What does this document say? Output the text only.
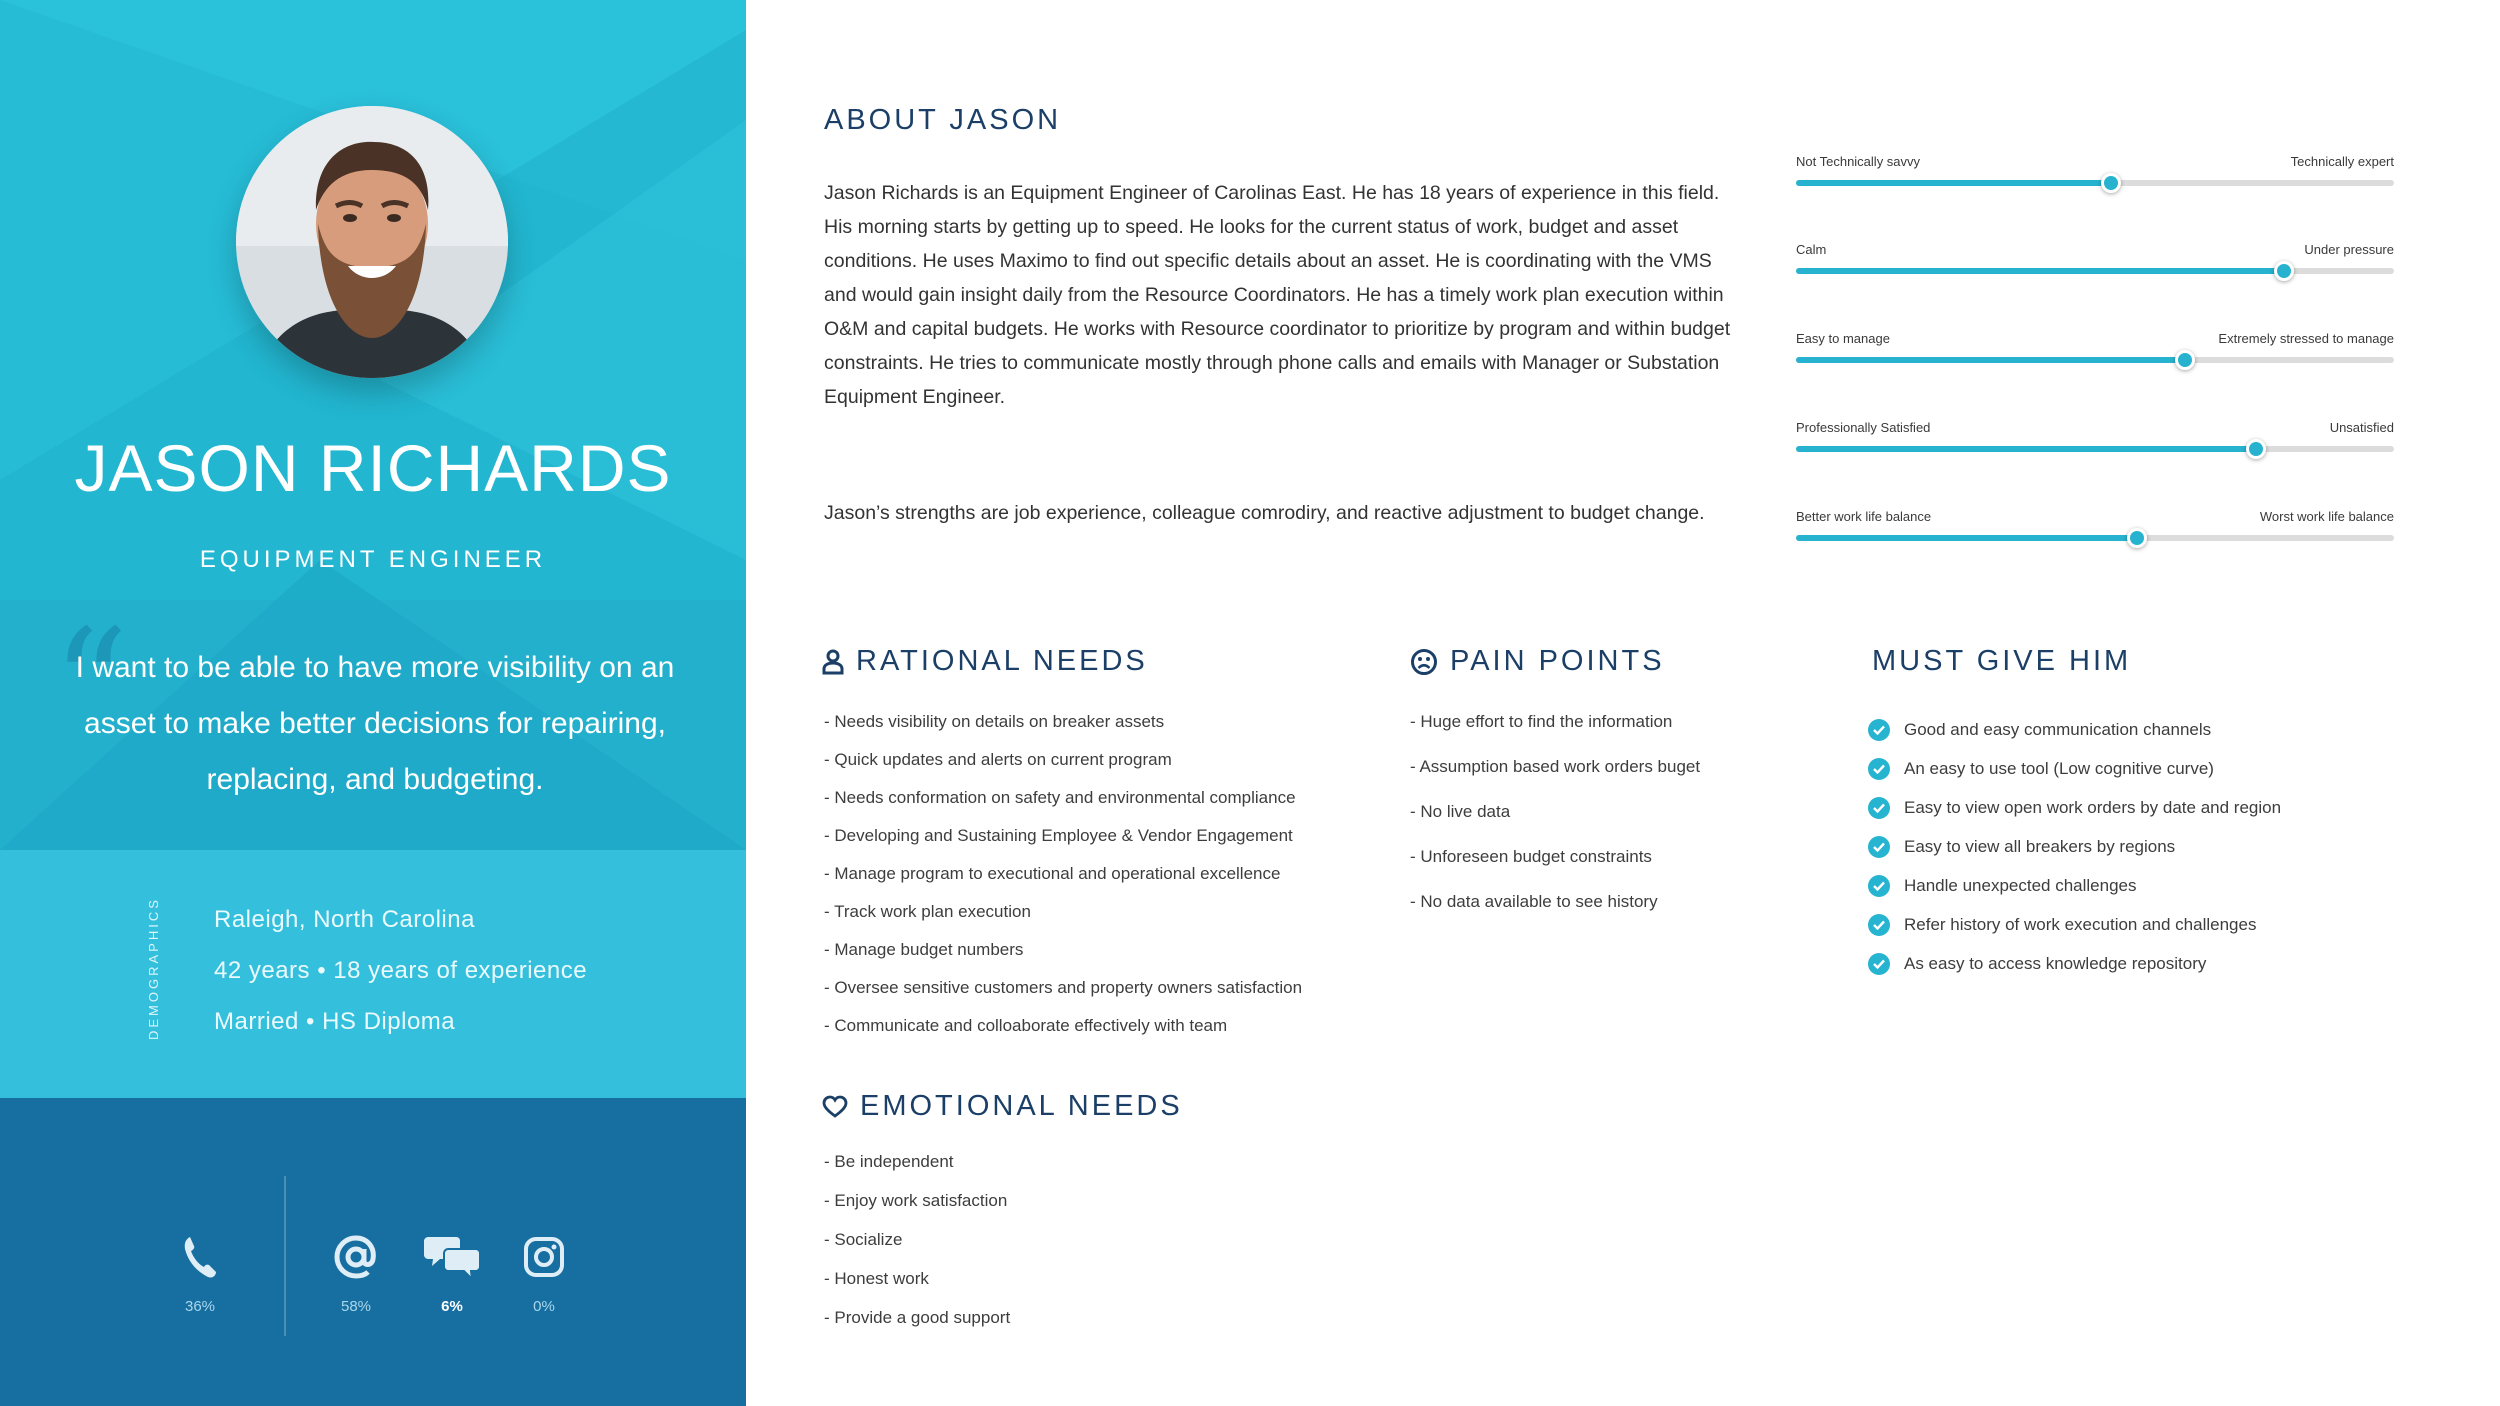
JASON RICHARDS
EQUIPMENT ENGINEER
“
I want to be able to have more visibility on an asset to make better decisions for repairing, replacing, and budgeting.
DEMOGRAPHICS Raleigh, North Carolina
42 years • 18 years of experience
Married • HS Diploma
36%	58%	6%	0%
ABOUT JASON
Jason Richards is an Equipment Engineer of Carolinas East. He has 18 years of experience in this field. His morning starts by getting up to speed. He looks for the current status of work, budget and asset conditions. He uses Maximo to find out specific details about an asset. He is coordinating with the VMS and would gain insight daily from the Resource Coordinators. He has a timely work plan execution within O&M and capital budgets. He works with Resource coordinator to prioritize by program and within budget constraints. He tries to communicate mostly through phone calls and emails with Manager or Substation Equipment Engineer.
Jason’s strengths are job experience, colleague comrodiry, and reactive adjustment to budget change.
Not Technically savvy	Technically expert
Calm	Under pressure
Easy to manage	Extremely stressed to manage
Professionally Satisfied	Unsatisfied
Better work life balance	Worst work life balance
RATIONAL NEEDS
- Needs visibility on details on breaker assets
- Quick updates and alerts on current program
- Needs conformation on safety and environmental compliance
- Developing and Sustaining Employee & Vendor Engagement
- Manage program to executional and operational excellence
- Track work plan execution
- Manage budget numbers
- Oversee sensitive customers and property owners satisfaction
- Communicate and colloaborate effectively with team
PAIN POINTS
- Huge effort to find the information
- Assumption based work orders buget
- No live data
- Unforeseen budget constraints
- No data available to see history
MUST GIVE HIM
Good and easy communication channels
An easy to use tool (Low cognitive curve)
Easy to view open work orders by date and region
Easy to view all breakers by regions
Handle unexpected challenges
Refer history of work execution and challenges
As easy to access knowledge repository
EMOTIONAL NEEDS
- Be independent
- Enjoy work satisfaction
- Socialize
- Honest work
- Provide a good support
